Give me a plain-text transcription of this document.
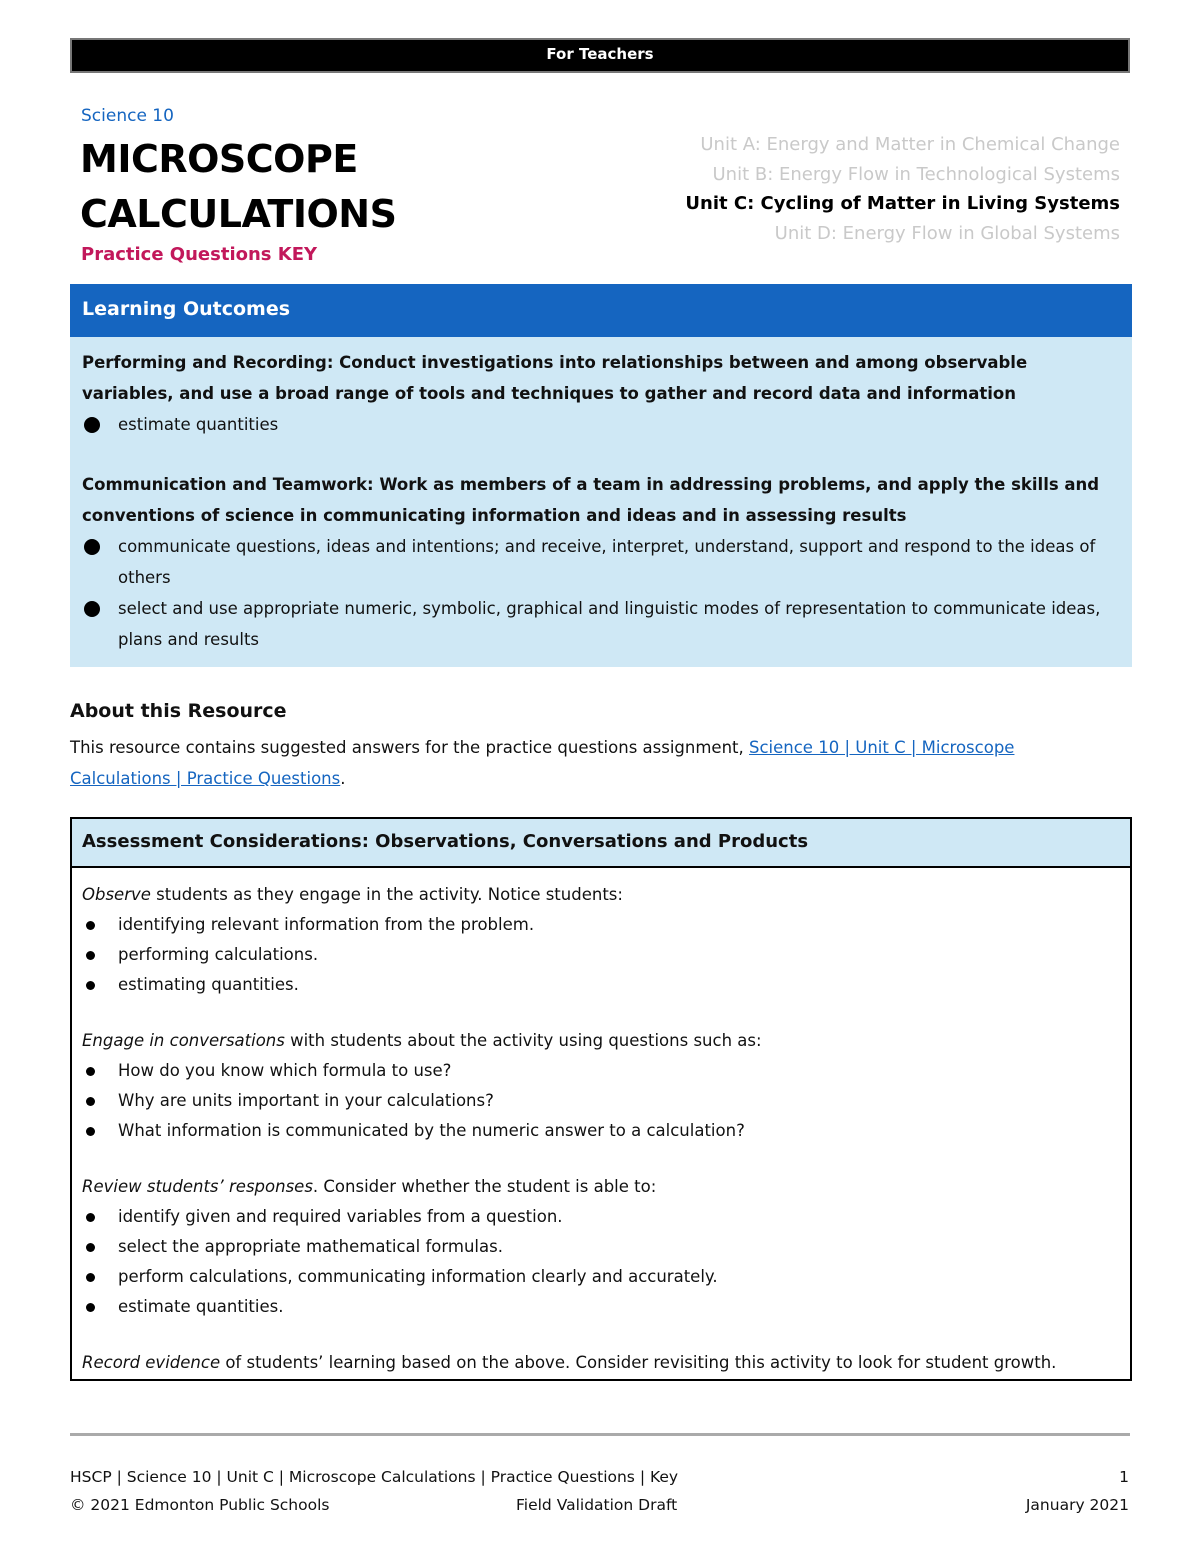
For Teachers
Science 10
MICROSCOPE
CALCULATIONS
Practice Questions KEY
Unit A: Energy and Matter in Chemical Change
Unit B: Energy Flow in Technological Systems
Unit C: Cycling of Matter in Living Systems
Unit D: Energy Flow in Global Systems
Learning Outcomes
Performing and Recording: Conduct investigations into relationships between and among observable variables, and use a broad range of tools and techniques to gather and record data and information
estimate quantities
Communication and Teamwork: Work as members of a team in addressing problems, and apply the skills and conventions of science in communicating information and ideas and in assessing results
communicate questions, ideas and intentions; and receive, interpret, understand, support and respond to the ideas of others
select and use appropriate numeric, symbolic, graphical and linguistic modes of representation to communicate ideas, plans and results
About this Resource
This resource contains suggested answers for the practice questions assignment, Science 10 | Unit C | Microscope Calculations | Practice Questions.
Assessment Considerations: Observations, Conversations and Products
Observe students as they engage in the activity. Notice students:
identifying relevant information from the problem.
performing calculations.
estimating quantities.
Engage in conversations with students about the activity using questions such as:
How do you know which formula to use?
Why are units important in your calculations?
What information is communicated by the numeric answer to a calculation?
Review students’ responses. Consider whether the student is able to:
identify given and required variables from a question.
select the appropriate mathematical formulas.
perform calculations, communicating information clearly and accurately.
estimate quantities.
Record evidence of students’ learning based on the above. Consider revisiting this activity to look for student growth.
HSCP | Science 10 | Unit C | Microscope Calculations | Practice Questions | Key	1
© 2021 Edmonton Public Schools	Field Validation Draft	January 2021
